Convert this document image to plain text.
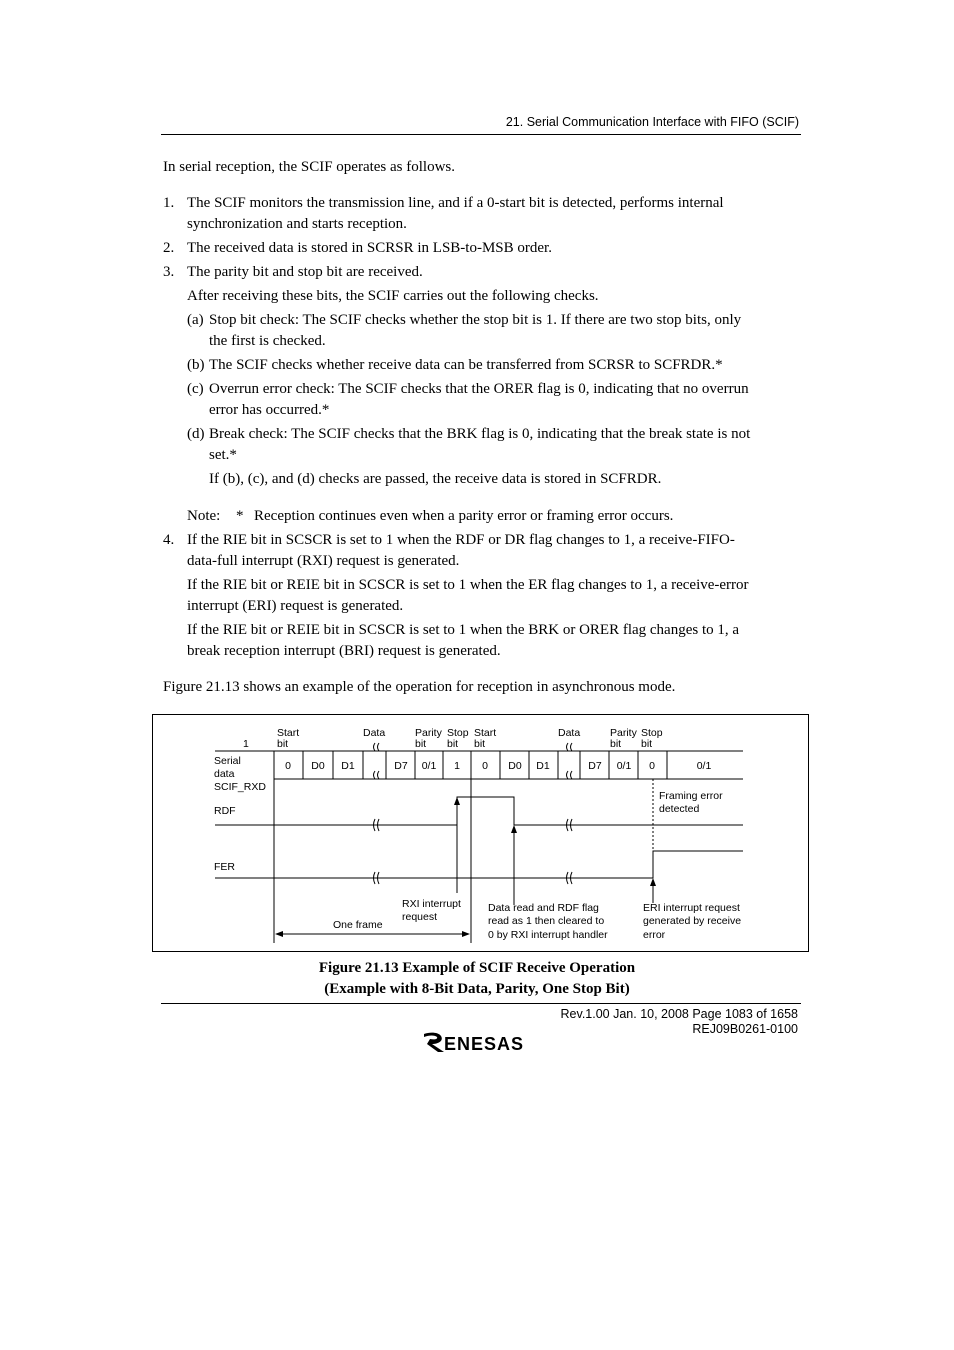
21. Serial Communication Interface with FIFO (SCIF)

In serial reception, the SCIF operates as follows.

1. The SCIF monitors the transmission line, and if a 0-start bit is detected, performs internal

synchronization and starts reception.

2. The received data is stored in SCRSR in LSB-to-MSB order.

3. The parity bit and stop bit are received.

After receiving these bits, the SCIF carries out the following checks.

(a) Stop bit check: The SCIF checks whether the stop bit is 1. If there are two stop bits, only

the first is checked.

(b) The SCIF checks whether receive data can be transferred from SCRSR to SCFRDR.*

(c) Overrun error check: The SCIF checks that the ORER flag is 0, indicating that no overrun

error has occurred.*

(d) Break check: The SCIF checks that the BRK flag is 0, indicating that the break state is not

set.*

If (b), (c), and (d) checks are passed, the receive data is stored in SCFRDR.

Note: * Reception continues even when a parity error or framing error occurs.

4. If the RIE bit in SCSCR is set to 1 when the RDF or DR flag changes to 1, a receive-FIFO-

data-full interrupt (RXI) request is generated.

If the RIE bit or REIE bit in SCSCR is set to 1 when the ER flag changes to 1, a receive-error

interrupt (ERI) request is generated.

If the RIE bit or REIE bit in SCSCR is set to 1 when the BRK or ORER flag changes to 1, a

break reception interrupt (BRI) request is generated.

Figure 21.13 shows an example of the operation for reception in asynchronous mode.

1
Start
bit
Data	Parity
bit
Stop
bit
Start
bit
Data	Parity
bit
Stop
bit
Serial
data
SCIF_RXD
RDF
FER
0 D0 D1	D7 0/1 1 0 D0 D1	D7 0/1 0	0/1
Framing error
detected
RXI interrupt
request
One frame
Data read and RDF flag
read as 1 then cleared to
0 by RXI interrupt handler
ERI interrupt request
generated by receive
error
Figure 21.13 Example of SCIF Receive Operation
(Example with 8-Bit Data, Parity, One Stop Bit)
Rev.1.00 Jan. 10, 2008 Page 1083 of 1658
REJ09B0261-0100
ENESAS
